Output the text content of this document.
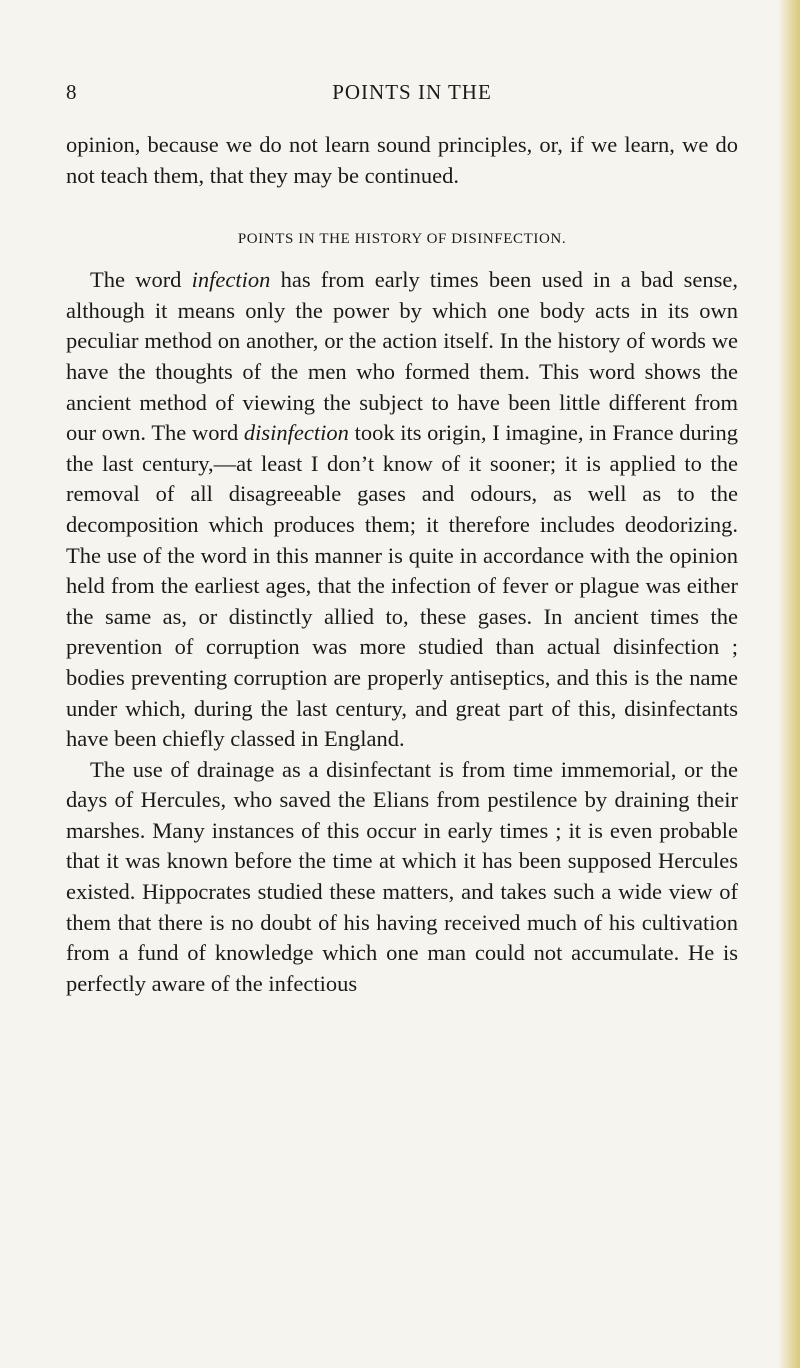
8	POINTS IN THE

opinion, because we do not learn sound principles, or, if we learn, we do not teach them, that they may be continued.

POINTS IN THE HISTORY OF DISINFECTION.

The word infection has from early times been used in a bad sense, although it means only the power by which one body acts in its own peculiar method on another, or the action itself. In the history of words we have the thoughts of the men who formed them. This word shows the ancient method of viewing the subject to have been little different from our own. The word disinfection took its origin, I imagine, in France during the last century,—at least I don’t know of it sooner; it is applied to the removal of all disagreeable gases and odours, as well as to the decomposition which produces them; it therefore includes deodorizing. The use of the word in this manner is quite in accordance with the opinion held from the earliest ages, that the infection of fever or plague was either the same as, or distinctly allied to, these gases. In ancient times the prevention of corruption was more studied than actual disinfection ; bodies preventing corruption are properly antiseptics, and this is the name under which, during the last century, and great part of this, disinfectants have been chiefly classed in England.

The use of drainage as a disinfectant is from time immemorial, or the days of Hercules, who saved the Elians from pestilence by draining their marshes. Many instances of this occur in early times ; it is even probable that it was known before the time at which it has been supposed Hercules existed. Hippocrates studied these matters, and takes such a wide view of them that there is no doubt of his having received much of his cultivation from a fund of knowledge which one man could not accumulate. He is perfectly aware of the infectious
